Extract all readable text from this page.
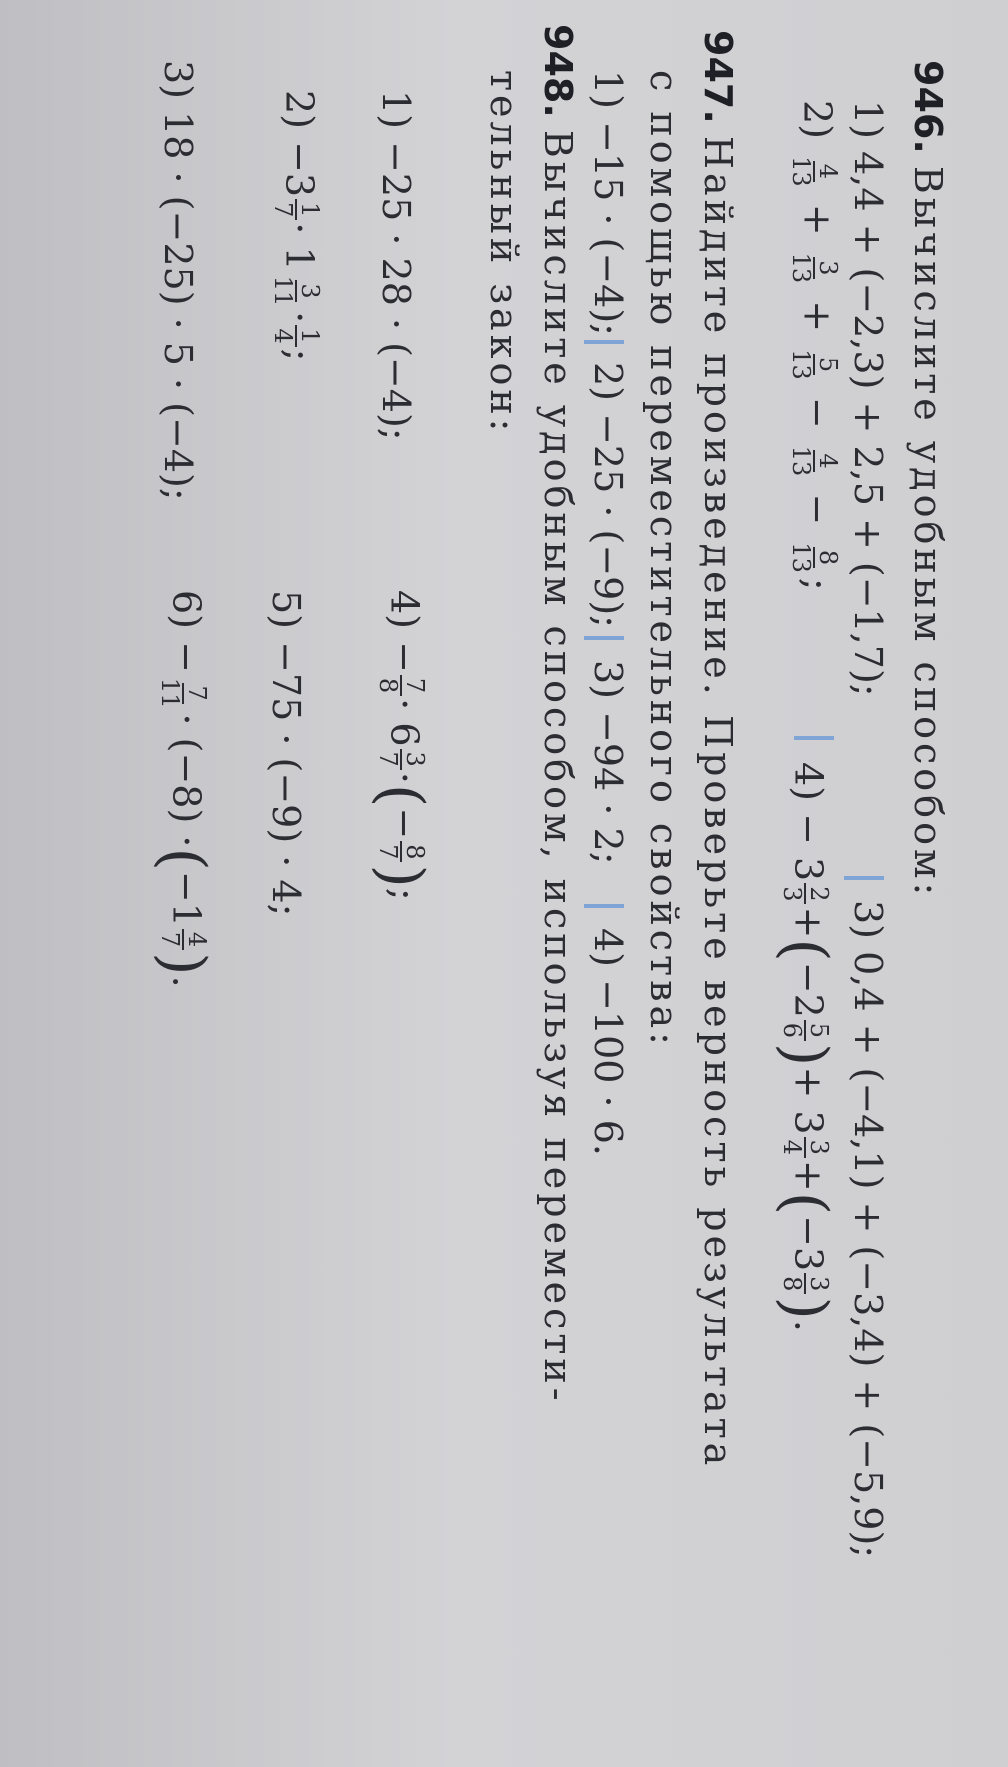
946. Вычислите удобным способом:
1) 4,4 + (−2,3) + 2,5 + (−1,7);
3) 0,4 + (−4,1) + (−3,4) + (−5,9);
2)
4
13
+
3
13
+
5
13
−
4
13
−
8
13
;
4) − 3
2
3
+(−2
5
6
)+ 3
3
4
+(−3
3
8
).
947. Найдите произведение. Проверьте верность результата
с помощью переместительного свойства:
1) −15 · (−4);
2) −25 · (−9);
3) −94 · 2;
4) −100 · 6.
948. Вычислите удобным способом, используя перемести-
тельный закон:
1) −25 · 28 · (−4);
4) −
7
8
· 6
3
7
·(−
8
7
);
2) −3
1
7
· 1
3
11
·
1
4
;
5) −75 · (−9) · 4;
3) 18 · (−25) · 5 · (−4);
6) −
7
11
· (−8) ·(−1
4
7
).
